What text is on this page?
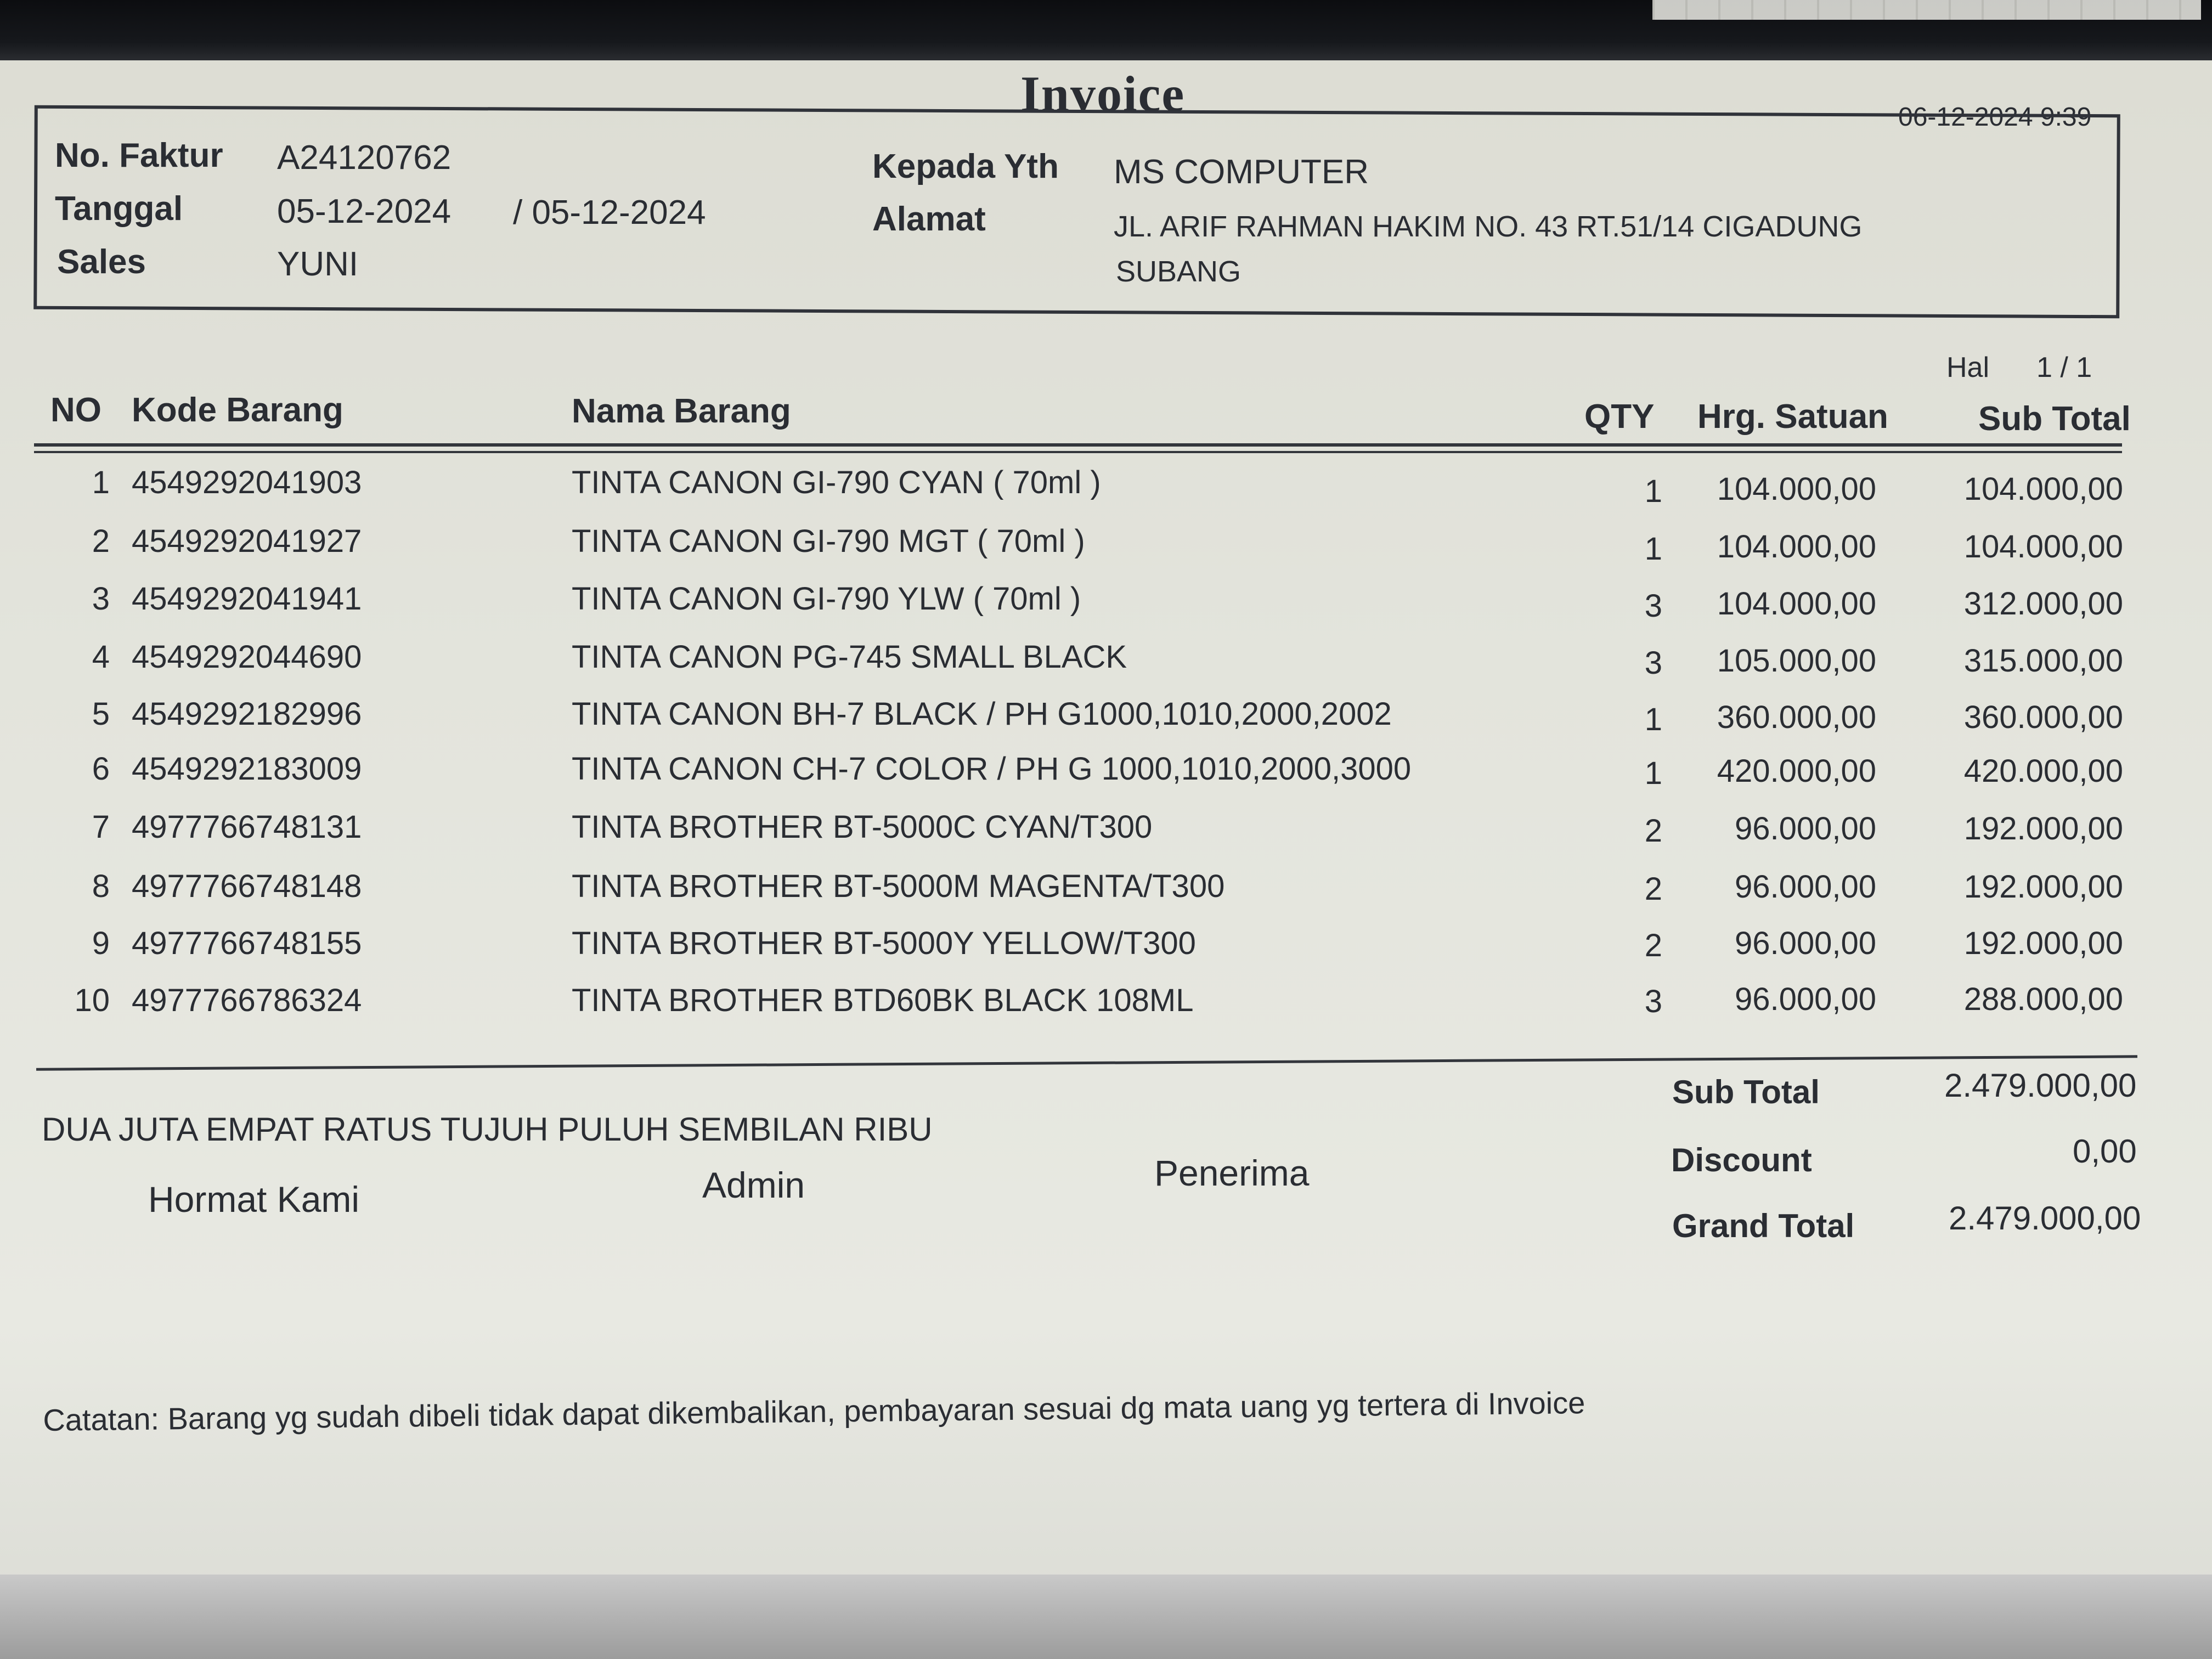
Invoice	06-12-2024 9:39
No. Faktur A24120762
Tanggal	05-12-2024 / 05-12-2024
Sales	YUNI
Kepada Yth MS COMPUTER
Alamat	JL. ARIF RAHMAN HAKIM NO. 43 RT.51/14 CIGADUNG
SUBANG
Hal 1 / 1
NO Kode Barang	Nama Barang	QTY Hrg. Satuan	Sub Total
1 4549292041903	TINTA CANON GI-790 CYAN ( 70ml )	1	104.000,00	104.000,00
2 4549292041927	TINTA CANON GI-790 MGT ( 70ml )	1	104.000,00	104.000,00
3 4549292041941	TINTA CANON GI-790 YLW ( 70ml )	3	104.000,00	312.000,00
4 4549292044690	TINTA CANON PG-745 SMALL BLACK	3	105.000,00	315.000,00
5 4549292182996	TINTA CANON BH-7 BLACK / PH G1000,1010,2000,2002	1	360.000,00	360.000,00
6 4549292183009	TINTA CANON CH-7 COLOR / PH G 1000,1010,2000,3000	1	420.000,00	420.000,00
7 4977766748131	TINTA BROTHER BT-5000C CYAN/T300	2	96.000,00	192.000,00
8 4977766748148	TINTA BROTHER BT-5000M MAGENTA/T300	2	96.000,00	192.000,00
9 4977766748155	TINTA BROTHER BT-5000Y YELLOW/T300	2	96.000,00	192.000,00
10 4977766786324	TINTA BROTHER BTD60BK BLACK 108ML	3	96.000,00	288.000,00
DUA JUTA EMPAT RATUS TUJUH PULUH SEMBILAN RIBU
Hormat Kami	Admin	Penerima
Sub Total	2.479.000,00
Discount	0,00
Grand Total	2.479.000,00
Catatan: Barang yg sudah dibeli tidak dapat dikembalikan, pembayaran sesuai dg mata uang yg tertera di Invoice
